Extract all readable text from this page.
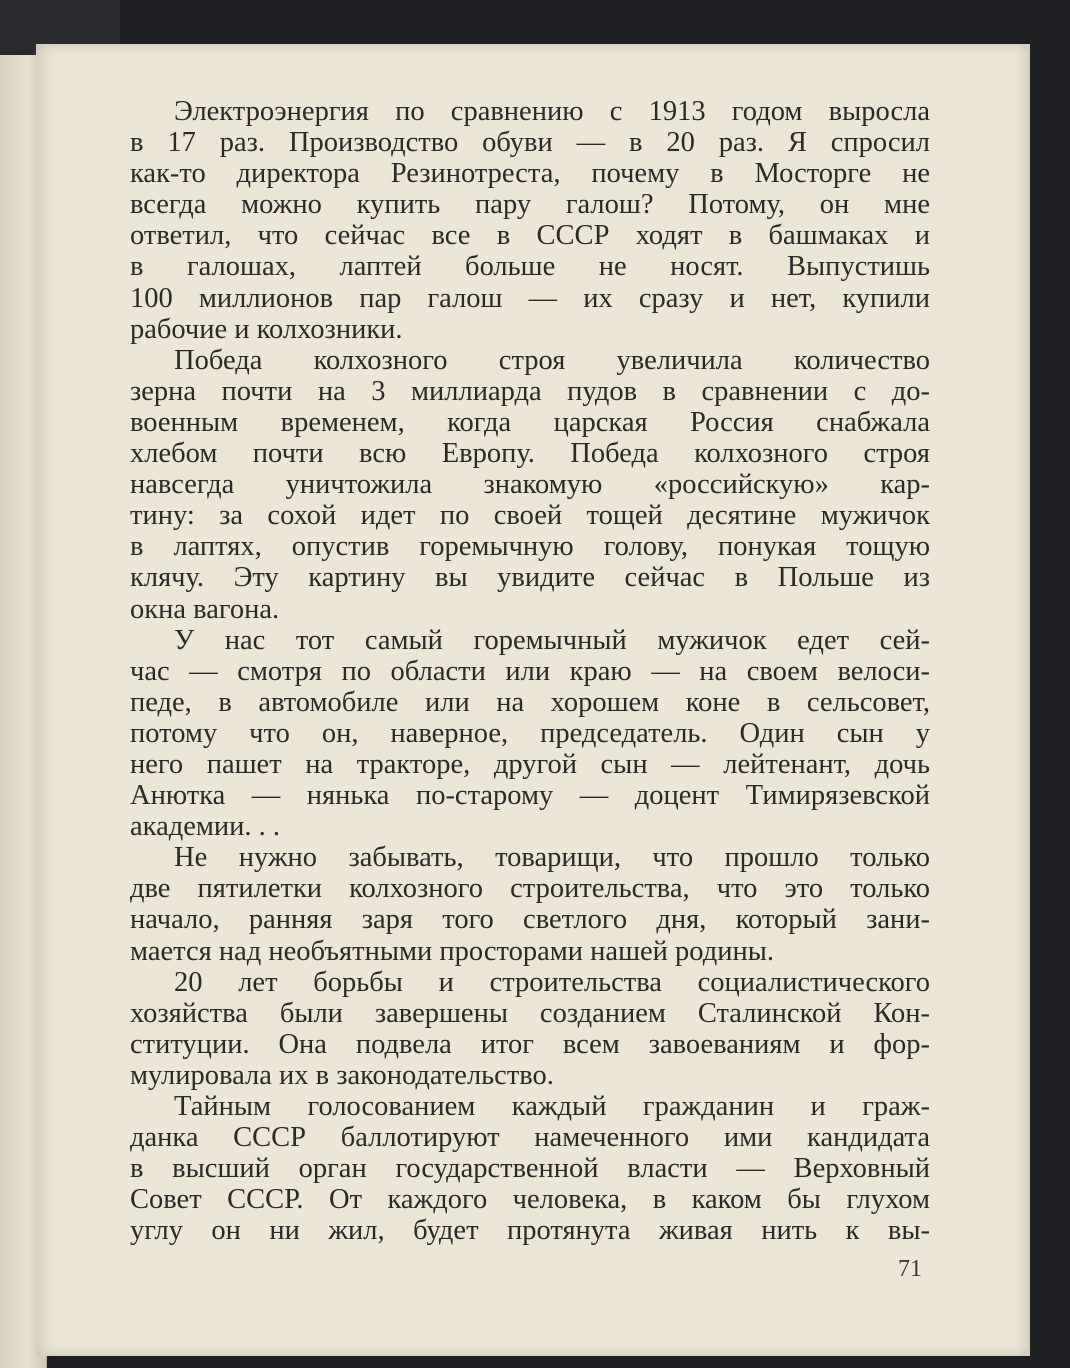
Электроэнергия по сравнению с 1913 годом выросла
в 17 раз. Производство обуви — в 20 раз. Я спросил
как-то директора Резинотреста, почему в Мосторге не
всегда можно купить пару галош? Потому, он мне
ответил, что сейчас все в СССР ходят в башмаках и
в галошах, лаптей больше не носят. Выпустишь
100 миллионов пар галош — их сразу и нет, купили
рабочие и колхозники.
Победа колхозного строя увеличила количество
зерна почти на 3 миллиарда пудов в сравнении с до-
военным временем, когда царская Россия снабжала
хлебом почти всю Европу. Победа колхозного строя
навсегда уничтожила знакомую «российскую» кар-
тину: за сохой идет по своей тощей десятине мужичок
в лаптях, опустив горемычную голову, понукая тощую
клячу. Эту картину вы увидите сейчас в Польше из
окна вагона.
У нас тот самый горемычный мужичок едет сей-
час — смотря по области или краю — на своем велоси-
педе, в автомобиле или на хорошем коне в сельсовет,
потому что он, наверное, председатель. Один сын у
него пашет на тракторе, другой сын — лейтенант, дочь
Анютка — нянька по-старому — доцент Тимирязевской
академии. . .
Не нужно забывать, товарищи, что прошло только
две пятилетки колхозного строительства, что это только
начало, ранняя заря того светлого дня, который зани-
мается над необъятными просторами нашей родины.
20 лет борьбы и строительства социалистического
хозяйства были завершены созданием Сталинской Кон-
ституции. Она подвела итог всем завоеваниям и фор-
мулировала их в законодательство.
Тайным голосованием каждый гражданин и граж-
данка СССР баллотируют намеченного ими кандидата
в высший орган государственной власти — Верховный
Совет СССР. От каждого человека, в каком бы глухом
углу он ни жил, будет протянута живая нить к вы-
71
